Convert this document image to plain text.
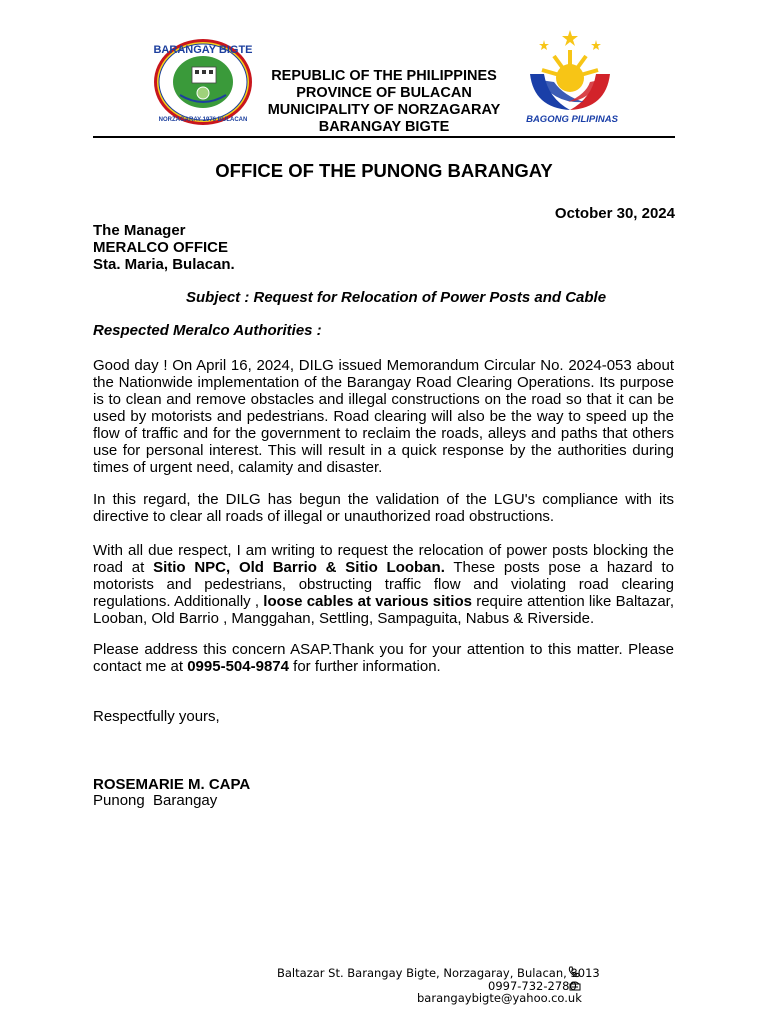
BARANGAY BIGTE
NORZAGARAY 1976 BULACAN
REPUBLIC OF THE PHILIPPINES
PROVINCE OF BULACAN
MUNICIPALITY OF NORZAGARAY
BARANGAY BIGTE	BAGONG PILIPINAS
OFFICE OF THE PUNONG BARANGAY
October 30, 2024
The Manager
MERALCO OFFICE
Sta. Maria, Bulacan.
Subject : Request for Relocation of Power Posts and Cable
Respected Meralco Authorities :
Good day ! On April 16, 2024, DILG issued Memorandum Circular No. 2024-053 about the Nationwide implementation of the Barangay Road Clearing Operations. Its purpose is to clean and remove obstacles and illegal constructions on the road so that it can be used by motorists and pedestrians. Road clearing will also be the way to speed up the flow of traffic and for the government to reclaim the roads, alleys and paths that others use for personal interest. This will result in a quick response by the authorities during times of urgent need, calamity and disaster.
In this regard, the DILG has begun the validation of the LGU's compliance with its directive to clear all roads of illegal or unauthorized road obstructions.
With all due respect, I am writing to request the relocation of power posts blocking the road at Sitio NPC, Old Barrio & Sitio Looban. These posts pose a hazard to motorists and pedestrians, obstructing traffic flow and violating road clearing regulations. Additionally , loose cables at various sitios require attention like Baltazar, Looban, Old Barrio , Manggahan, Settling, Sampaguita, Nabus & Riverside.
Please address this concern ASAP.Thank you for your attention to this matter. Please contact me at 0995-504-9874 for further information.
Respectfully yours,
ROSEMARIE M. CAPA
Punong  Barangay
Baltazar St. Barangay Bigte, Norzagaray, Bulacan, 3013
0997-732-2780
barangaybigte@yahoo.co.uk
